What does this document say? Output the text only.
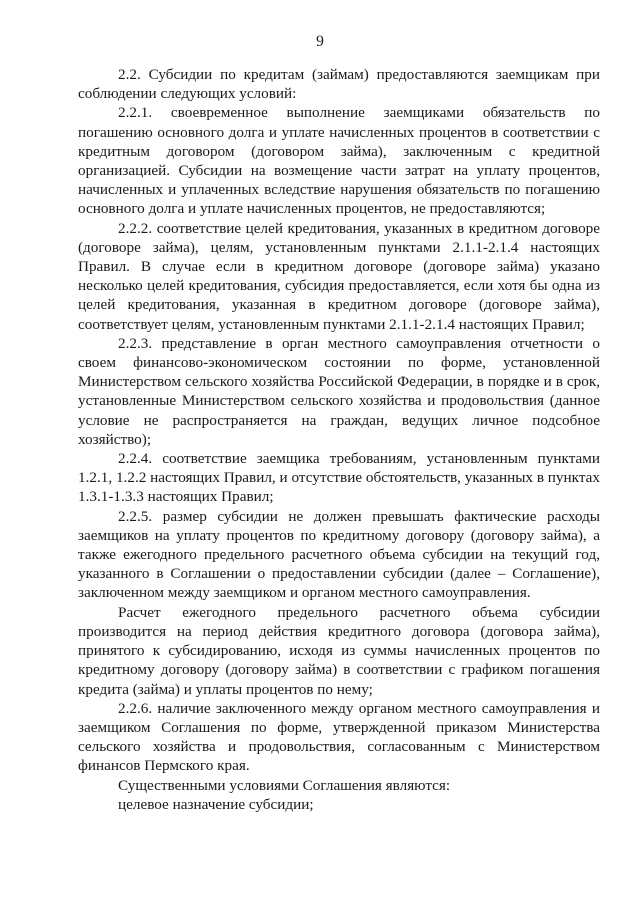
9

2.2. Субсидии по кредитам (займам) предоставляются заемщикам при соблюдении следующих условий:

2.2.1. своевременное выполнение заемщиками обязательств по погашению основного долга и уплате начисленных процентов в соответствии с кредитным договором (договором займа), заключенным с кредитной организацией. Субсидии на возмещение части затрат на уплату процентов, начисленных и уплаченных вследствие нарушения обязательств по погашению основного долга и уплате начисленных процентов, не предоставляются;

2.2.2. соответствие целей кредитования, указанных в кредитном договоре (договоре займа), целям, установленным пунктами 2.1.1-2.1.4 настоящих Правил. В случае если в кредитном договоре (договоре займа) указано несколько целей кредитования, субсидия предоставляется, если хотя бы одна из целей кредитования, указанная в кредитном договоре (договоре займа), соответствует целям, установленным пунктами 2.1.1-2.1.4 настоящих Правил;

2.2.3. представление в орган местного самоуправления отчетности о своем финансово-экономическом состоянии по форме, установленной Министерством сельского хозяйства Российской Федерации, в порядке и в срок, установленные Министерством сельского хозяйства и продовольствия (данное условие не распространяется на граждан, ведущих личное подсобное хозяйство);

2.2.4. соответствие заемщика требованиям, установленным пунктами 1.2.1, 1.2.2 настоящих Правил, и отсутствие обстоятельств, указанных в пунктах 1.3.1-1.3.3 настоящих Правил;

2.2.5. размер субсидии не должен превышать фактические расходы заемщиков на уплату процентов по кредитному договору (договору займа), а также ежегодного предельного расчетного объема субсидии на текущий год, указанного в Соглашении о предоставлении субсидии (далее – Соглашение), заключенном между заемщиком и органом местного самоуправления.

Расчет ежегодного предельного расчетного объема субсидии производится на период действия кредитного договора (договора займа), принятого к субсидированию, исходя из суммы начисленных процентов по кредитному договору (договору займа) в соответствии с графиком погашения кредита (займа) и уплаты процентов по нему;

2.2.6. наличие заключенного между органом местного самоуправления и заемщиком Соглашения по форме, утвержденной приказом Министерства сельского хозяйства и продовольствия, согласованным с Министерством финансов Пермского края.

Существенными условиями Соглашения являются:

целевое назначение субсидии;
